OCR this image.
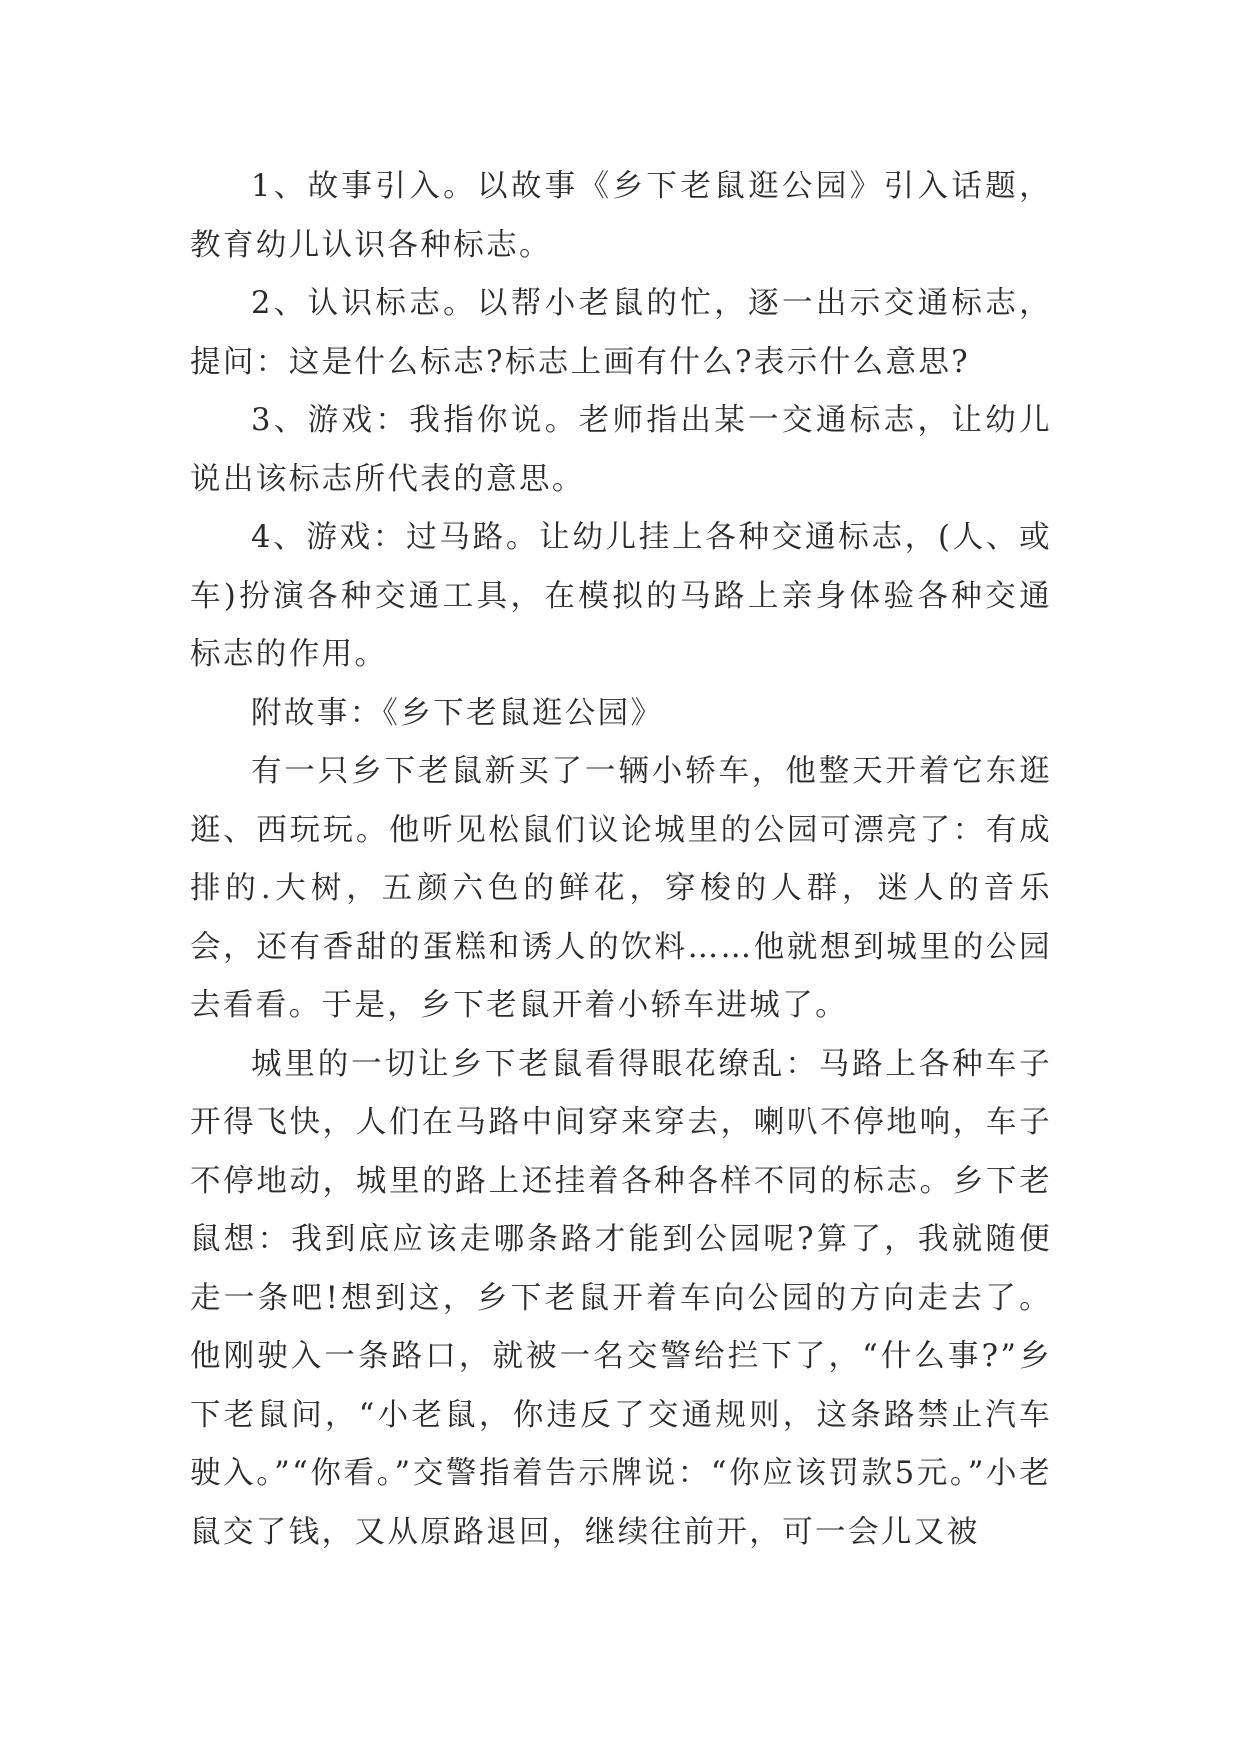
1、故事引入。以故事《乡下老鼠逛公园》引入话题，教育幼儿认识各种标志。

2、认识标志。以帮小老鼠的忙，逐一出示交通标志，提问：这是什么标志?标志上画有什么?表示什么意思?

3、游戏：我指你说。老师指出某一交通标志，让幼儿说出该标志所代表的意思。

4、游戏：过马路。让幼儿挂上各种交通标志，(人、或车)扮演各种交通工具，在模拟的马路上亲身体验各种交通标志的作用。

附故事：《乡下老鼠逛公园》

有一只乡下老鼠新买了一辆小轿车，他整天开着它东逛逛、西玩玩。他听见松鼠们议论城里的公园可漂亮了：有成排的.大树，五颜六色的鲜花，穿梭的人群，迷人的音乐会，还有香甜的蛋糕和诱人的饮料……他就想到城里的公园去看看。于是，乡下老鼠开着小轿车进城了。

城里的一切让乡下老鼠看得眼花缭乱：马路上各种车子开得飞快，人们在马路中间穿来穿去，喇叭不停地响，车子不停地动，城里的路上还挂着各种各样不同的标志。乡下老鼠想：我到底应该走哪条路才能到公园呢?算了，我就随便走一条吧!想到这，乡下老鼠开着车向公园的方向走去了。他刚驶入一条路口，就被一名交警给拦下了，“什么事?”乡下老鼠问，“小老鼠，你违反了交通规则，这条路禁止汽车驶入。”“你看。”交警指着告示牌说：“你应该罚款5元。”小老鼠交了钱，又从原路退回，继续往前开，可一会儿又被
